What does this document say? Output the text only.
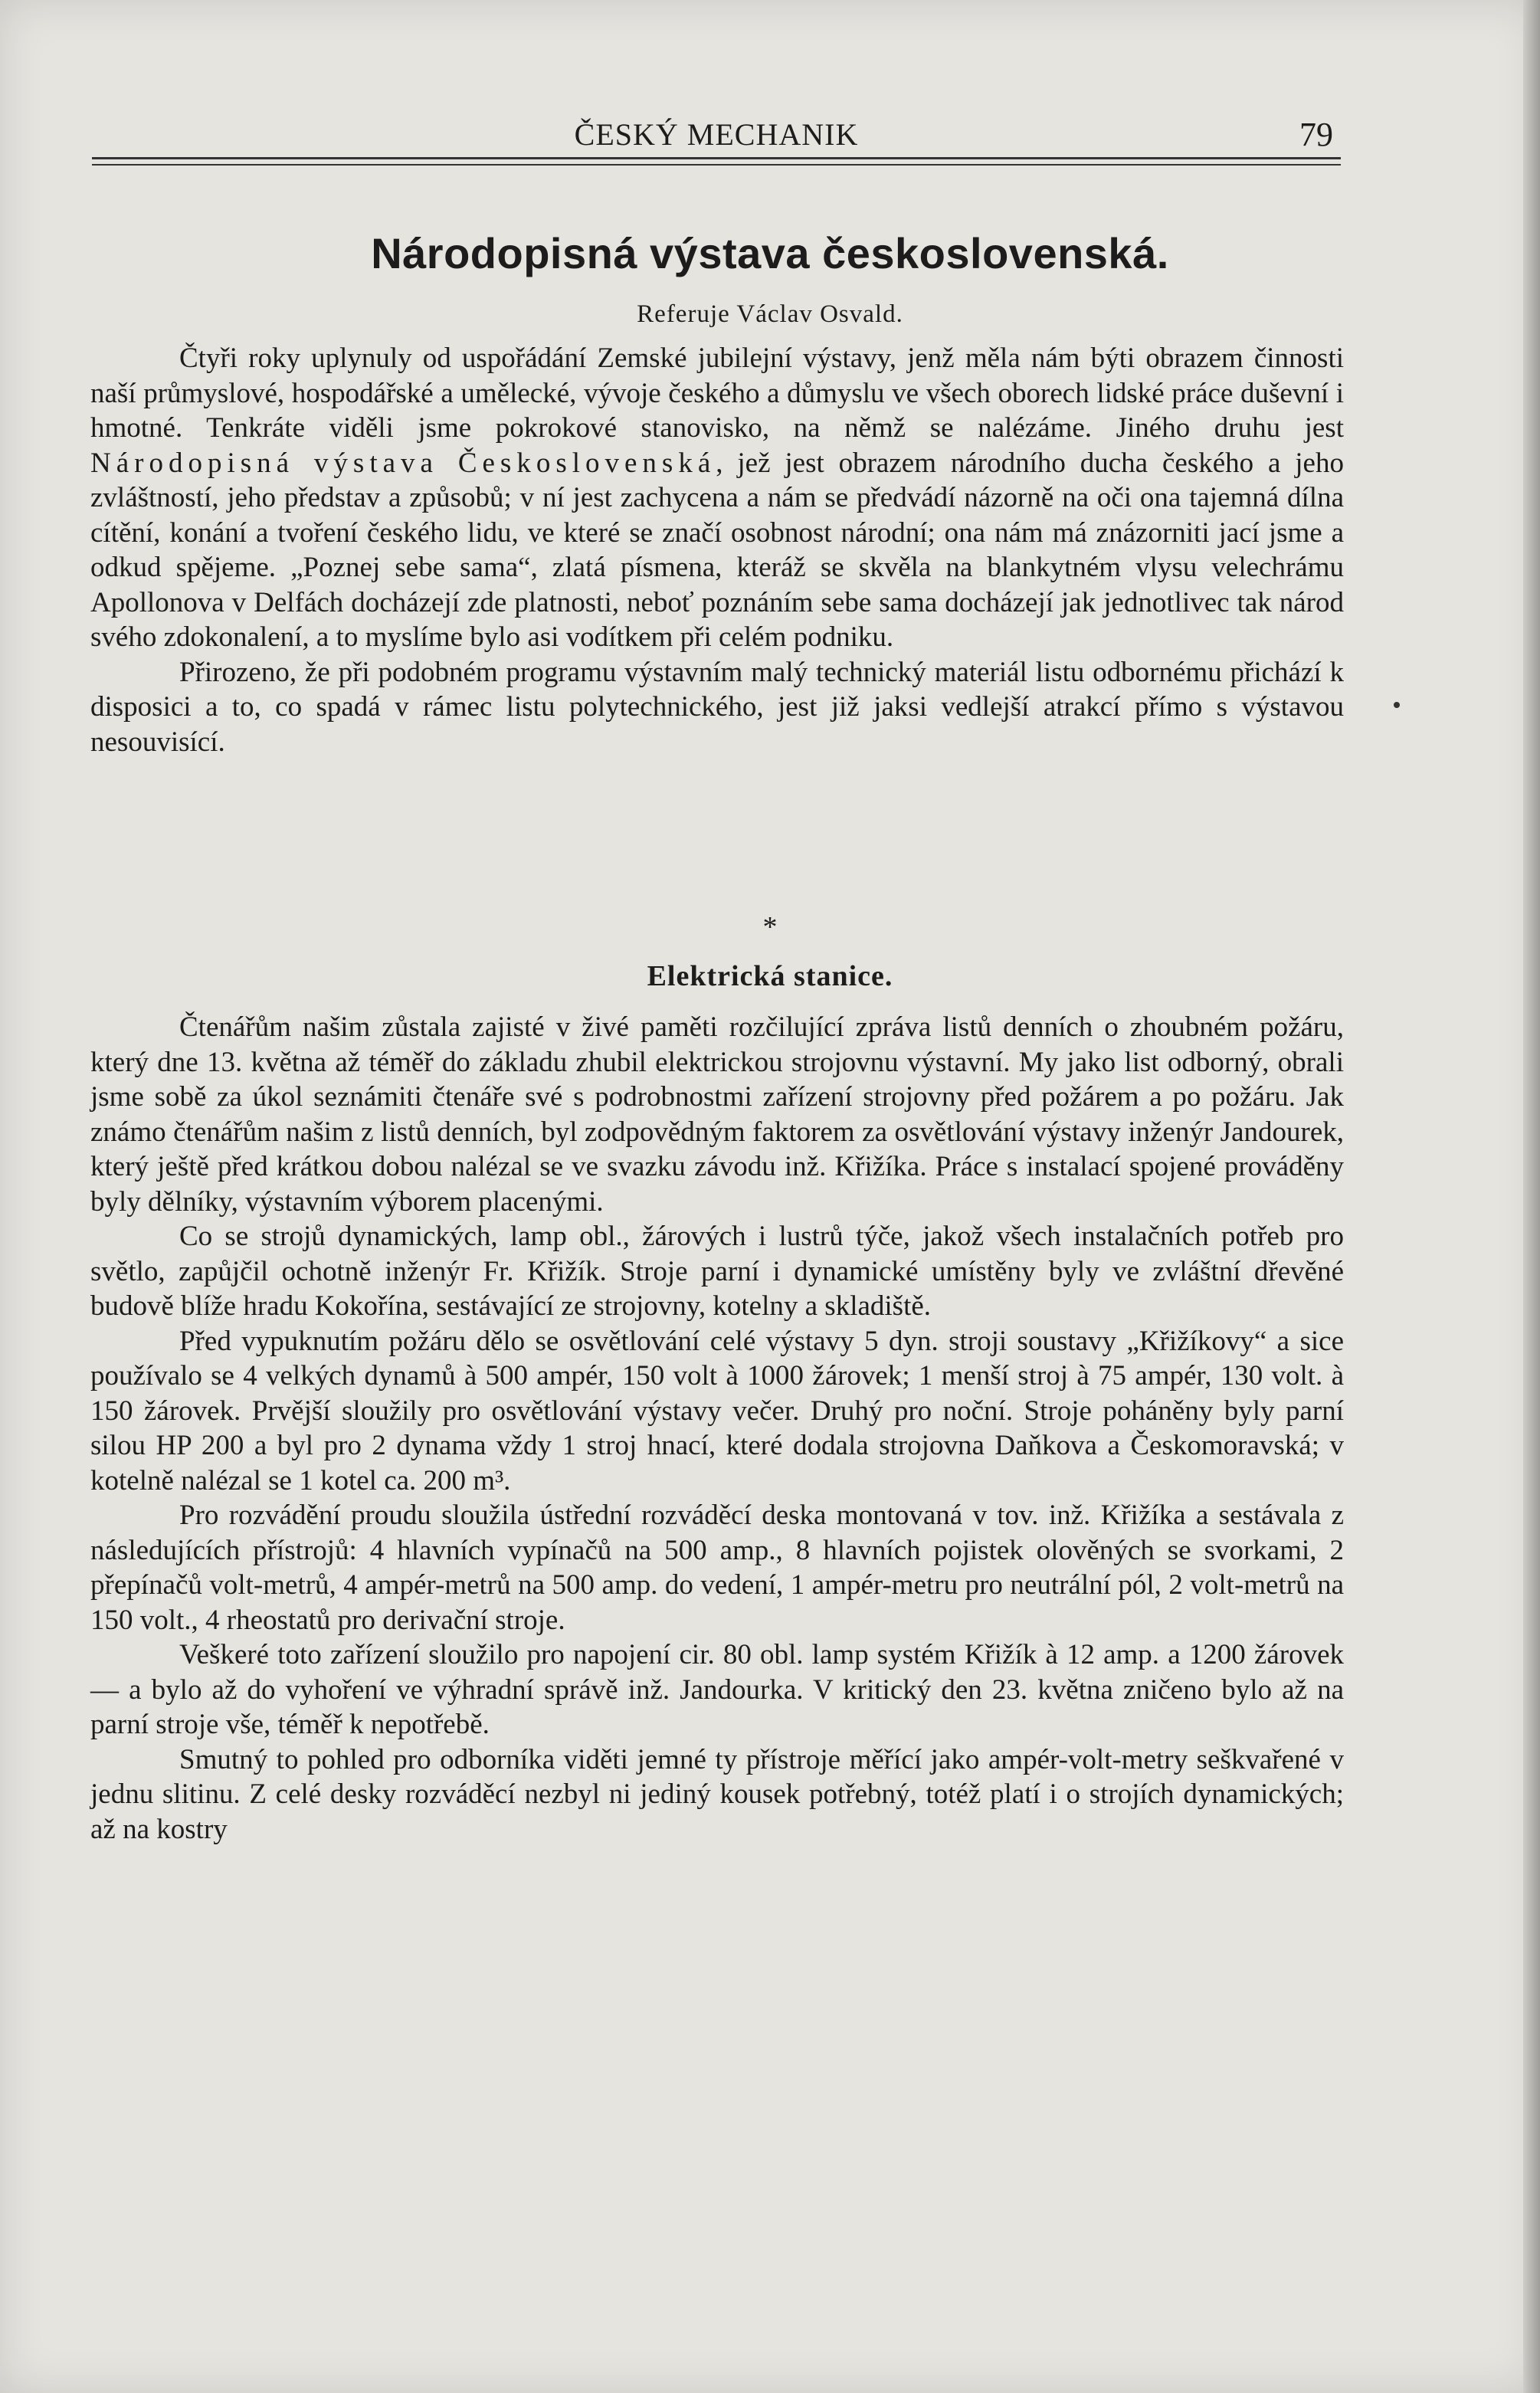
ČESKÝ MECHANIK	79
Národopisná výstava československá.
Referuje Václav Osvald.

Čtyři roky uplynuly od uspořádání Zemské jubilejní výstavy, jenž měla nám býti obrazem činnosti naší průmyslové, hospodářské a umělecké, vývoje českého a důmyslu ve všech oborech lidské práce duševní i hmotné. Tenkráte viděli jsme pokrokové stanovisko, na němž se nalézáme. Jiného druhu jest Národopisná výstava Československá, jež jest obrazem národního ducha českého a jeho zvláštností, jeho představ a způsobů; v ní jest zachycena a nám se předvádí názorně na oči ona tajemná dílna cítění, konání a tvoření českého lidu, ve které se značí osobnost národní; ona nám má znázorniti jací jsme a odkud spějeme. „Poznej sebe sama“, zlatá písmena, kteráž se skvěla na blankytném vlysu velechrámu Apollonova v Delfách docházejí zde platnosti, neboť poznáním sebe sama docházejí jak jednotlivec tak národ svého zdokonalení, a to myslíme bylo asi vodítkem při celém podniku.

Přirozeno, že při podobném programu výstavním malý technický materiál listu odbornému přichází k disposici a to, co spadá v rámec listu polytechnického, jest již jaksi vedlejší atrakcí přímo s výstavou nesouvisící.

*
Elektrická stanice.

Čtenářům našim zůstala zajisté v živé paměti rozčilující zpráva listů denních o zhoubném požáru, který dne 13. května až téměř do základu zhubil elektrickou strojovnu výstavní. My jako list odborný, obrali jsme sobě za úkol seznámiti čtenáře své s podrobnostmi zařízení strojovny před požárem a po požáru. Jak známo čtenářům našim z listů denních, byl zodpovědným faktorem za osvětlování výstavy inženýr Jandourek, který ještě před krátkou dobou nalézal se ve svazku závodu inž. Křižíka. Práce s instalací spojené prováděny byly dělníky, výstavním výborem placenými.

Co se strojů dynamických, lamp obl., žárových i lustrů týče, jakož všech instalačních potřeb pro světlo, zapůjčil ochotně inženýr Fr. Křižík. Stroje parní i dynamické umístěny byly ve zvláštní dřevěné budově blíže hradu Kokořína, sestávající ze strojovny, kotelny a skladiště.

Před vypuknutím požáru dělo se osvětlování celé výstavy 5 dyn. stroji soustavy „Křižíkovy“ a sice používalo se 4 velkých dynamů à 500 ampér, 150 volt à 1000 žárovek; 1 menší stroj à 75 ampér, 130 volt. à 150 žárovek. Prvější sloužily pro osvětlování výstavy večer. Druhý pro noční. Stroje poháněny byly parní silou HP 200 a byl pro 2 dynama vždy 1 stroj hnací, které dodala strojovna Daňkova a Českomoravská; v kotelně nalézal se 1 kotel ca. 200 m³.

Pro rozvádění proudu sloužila ústřední rozváděcí deska montovaná v tov. inž. Křižíka a sestávala z následujících přístrojů: 4 hlavních vypínačů na 500 amp., 8 hlavních pojistek olověných se svorkami, 2 přepínačů volt-metrů, 4 ampér-metrů na 500 amp. do vedení, 1 ampér-metru pro neutrální pól, 2 volt-metrů na 150 volt., 4 rheostatů pro derivační stroje.

Veškeré toto zařízení sloužilo pro napojení cir. 80 obl. lamp systém Křižík à 12 amp. a 1200 žárovek — a bylo až do vyhoření ve výhradní správě inž. Jandourka. V kritický den 23. května zničeno bylo až na parní stroje vše, téměř k nepotřebě.

Smutný to pohled pro odborníka viděti jemné ty přístroje měřící jako ampér-volt-metry seškvařené v jednu slitinu. Z celé desky rozváděcí nezbyl ni jediný kousek potřebný, totéž platí i o strojích dynamických; až na kostry
